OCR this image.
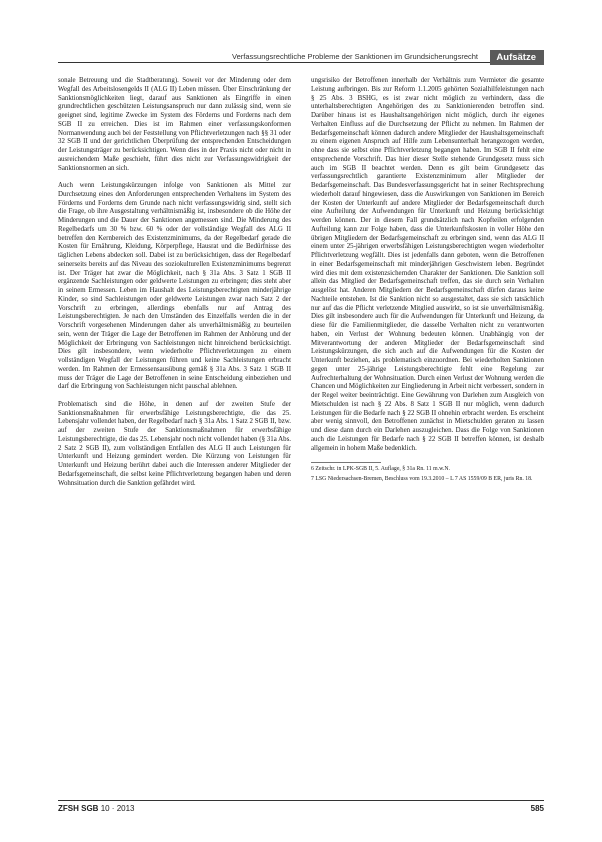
Verfassungsrechtliche Probleme der Sanktionen im Grundsicherungsrecht	Aufsätze

sonale Betreuung und die Stadtberatung). Soweit vor der Minderung oder dem Wegfall des Arbeitslosengelds II (ALG II) Leben müssen. Über Einschränkung der Sanktionsmöglichkeiten liegt, darauf aus Sanktionen als Eingriffe in einen grundrechtlichen geschützten Leistungsanspruch nur dann zulässig sind, wenn sie geeignet sind, legitime Zwecke im System des Förderns und Forderns nach dem SGB II zu erreichen. Dies ist im Rahmen einer verfassungskonformen Normanwendung auch bei der Feststellung von Pflichtverletzungen nach §§ 31 oder 32 SGB II und der gerichtlichen Überprüfung der entsprechenden Entscheidungen der Leistungsträger zu berücksichtigen. Wenn dies in der Praxis nicht oder nicht in ausreichendem Maße geschieht, führt dies nicht zur Verfassungswidrigkeit der Sanktionsnormen an sich.

Auch wenn Leistungskürzungen infolge von Sanktionen als Mittel zur Durchsetzung eines den Anforderungen entsprechenden Verhaltens im System des Förderns und Forderns dem Grunde nach nicht verfassungswidrig sind, stellt sich die Frage, ob ihre Ausgestaltung verhältnismäßig ist, insbesondere ob die Höhe der Minderungen und die Dauer der Sanktionen angemessen sind. Die Minderung des Regelbedarfs um 30 % bzw. 60 % oder der vollständige Wegfall des ALG II betreffen den Kernbereich des Existenzminimums, da der Regelbedarf gerade die Kosten für Ernährung, Kleidung, Körperpflege, Hausrat und die Bedürfnisse des täglichen Lebens abdecken soll. Dabei ist zu berücksichtigen, dass der Regelbedarf seinerseits bereits auf das Niveau des soziokulturellen Existenzminimums begrenzt ist. Der Träger hat zwar die Möglichkeit, nach § 31a Abs. 3 Satz 1 SGB II ergänzende Sachleistungen oder geldwerte Leistungen zu erbringen; dies steht aber in seinem Ermessen. Leben im Haushalt des Leistungsberechtigten minderjährige Kinder, so sind Sachleistungen oder geldwerte Leistungen zwar nach Satz 2 der Vorschrift zu erbringen, allerdings ebenfalls nur auf Antrag des Leistungsberechtigten. Je nach den Umständen des Einzelfalls werden die in der Vorschrift vorgesehenen Minderungen daher als unverhältnismäßig zu beurteilen sein, wenn der Träger die Lage der Betroffenen im Rahmen der Anhörung und der Möglichkeit der Erbringung von Sachleistungen nicht hinreichend berücksichtigt. Dies gilt insbesondere, wenn wiederholte Pflichtverletzungen zu einem vollständigen Wegfall der Leistungen führen und keine Sachleistungen erbracht werden. Im Rahmen der Ermessensausübung gemäß § 31a Abs. 3 Satz 1 SGB II muss der Träger die Lage der Betroffenen in seine Entscheidung einbeziehen und darf die Erbringung von Sachleistungen nicht pauschal ablehnen.

Problematisch sind die Höhe, in denen auf der zweiten Stufe der Sanktionsmaßnahmen für erwerbsfähige Leistungsberechtigte, die das 25. Lebensjahr vollendet haben, der Regelbedarf nach § 31a Abs. 1 Satz 2 SGB II, bzw. auf der zweiten Stufe der Sanktionsmaßnahmen für erwerbsfähige Leistungsberechtigte, die das 25. Lebensjahr noch nicht vollendet haben (§ 31a Abs. 2 Satz 2 SGB II), zum vollständigen Entfallen des ALG II auch Leistungen für Unterkunft und Heizung gemindert werden. Die Kürzung von Leistungen für Unterkunft und Heizung berührt dabei auch die Interessen anderer Mitglieder der Bedarfsgemeinschaft, die selbst keine Pflichtverletzung begangen haben und deren Wohnsituation durch die Sanktion gefährdet wird.

ungsrisiko der Betroffenen innerhalb der Verhältnis zum Vermieter die gesamte Leistung aufbringen. Bis zur Reform 1.1.2005 gehörten Sozialhilfeleistungen nach § 25 Abs. 3 BSHG, es ist zwar nicht möglich zu verhindern, dass die unterhaltsberechtigten Angehörigen des zu Sanktionierenden betroffen sind. Darüber hinaus ist es Haushaltsangehörigen nicht möglich, durch ihr eigenes Verhalten Einfluss auf die Durchsetzung der Pflicht zu nehmen. Im Rahmen der Bedarfsgemeinschaft können dadurch andere Mitglieder der Haushaltsgemeinschaft zu einem eigenen Anspruch auf Hilfe zum Lebensunterhalt herangezogen werden, ohne dass sie selbst eine Pflichtverletzung begangen haben. Im SGB II fehlt eine entsprechende Vorschrift. Das hier dieser Stelle stehende Grundgesetz muss sich auch im SGB II beachtet werden. Denn es gilt beim Grundgesetz das verfassungsrechtlich garantierte Existenzminimum aller Mitglieder der Bedarfsgemeinschaft. Das Bundesverfassungsgericht hat in seiner Rechtsprechung wiederholt darauf hingewiesen, dass die Auswirkungen von Sanktionen im Bereich der Kosten der Unterkunft auf andere Mitglieder der Bedarfsgemeinschaft durch eine Aufteilung der Aufwendungen für Unterkunft und Heizung berücksichtigt werden können. Der in diesem Fall grundsätzlich nach Kopfteilen erfolgenden Aufteilung kann zur Folge haben, dass die Unterkunftskosten in voller Höhe den übrigen Mitgliedern der Bedarfsgemeinschaft zu erbringen sind, wenn das ALG II einem unter 25-jährigen erwerbsfähigen Leistungsberechtigten wegen wiederholter Pflichtverletzung wegfällt. Dies ist jedenfalls dann geboten, wenn die Betroffenen in einer Bedarfsgemeinschaft mit minderjährigen Geschwistern leben. Begründet wird dies mit dem existenzsichernden Charakter der Sanktionen. Die Sanktion soll allein das Mitglied der Bedarfsgemeinschaft treffen, das sie durch sein Verhalten ausgelöst hat. Anderen Mitgliedern der Bedarfsgemeinschaft dürfen daraus keine Nachteile entstehen. Ist die Sanktion nicht so ausgestaltet, dass sie sich tatsächlich nur auf das die Pflicht verletzende Mitglied auswirkt, so ist sie unverhältnismäßig. Dies gilt insbesondere auch für die Aufwendungen für Unterkunft und Heizung, da diese für die Familienmitglieder, die dasselbe Verhalten nicht zu verantworten haben, ein Verlust der Wohnung bedeuten können. Unabhängig von der Mitverantwortung der anderen Mitglieder der Bedarfsgemeinschaft sind Leistungskürzungen, die sich auch auf die Aufwendungen für die Kosten der Unterkunft beziehen, als problematisch einzuordnen. Bei wiederholten Sanktionen gegen unter 25-jährige Leistungsberechtigte fehlt eine Regelung zur Aufrechterhaltung der Wohnsituation. Durch einen Verlust der Wohnung werden die Chancen und Möglichkeiten zur Eingliederung in Arbeit nicht verbessert, sondern in der Regel weiter beeinträchtigt. Eine Gewährung von Darlehen zum Ausgleich von Mietschulden ist nach § 22 Abs. 8 Satz 1 SGB II nur möglich, wenn dadurch Leistungen für die Bedarfe nach § 22 SGB II ohnehin erbracht werden. Es erscheint aber wenig sinnvoll, den Betroffenen zunächst in Mietschulden geraten zu lassen und diese dann durch ein Darlehen auszugleichen. Dass die Folge von Sanktionen auch die Leistungen für Bedarfe nach § 22 SGB II betreffen können, ist deshalb allgemein in hohem Maße bedenklich.

6 Zeitschr. in LPK-SGB II, 5. Auflage, § 31a Rn. 11 m.w.N.
7 LSG Niedersachsen-Bremen, Beschluss vom 19.3.2010 – L 7 AS 1559/09 B ER, juris Rn. 18.
ZFSH SGB 10 · 2013	585
